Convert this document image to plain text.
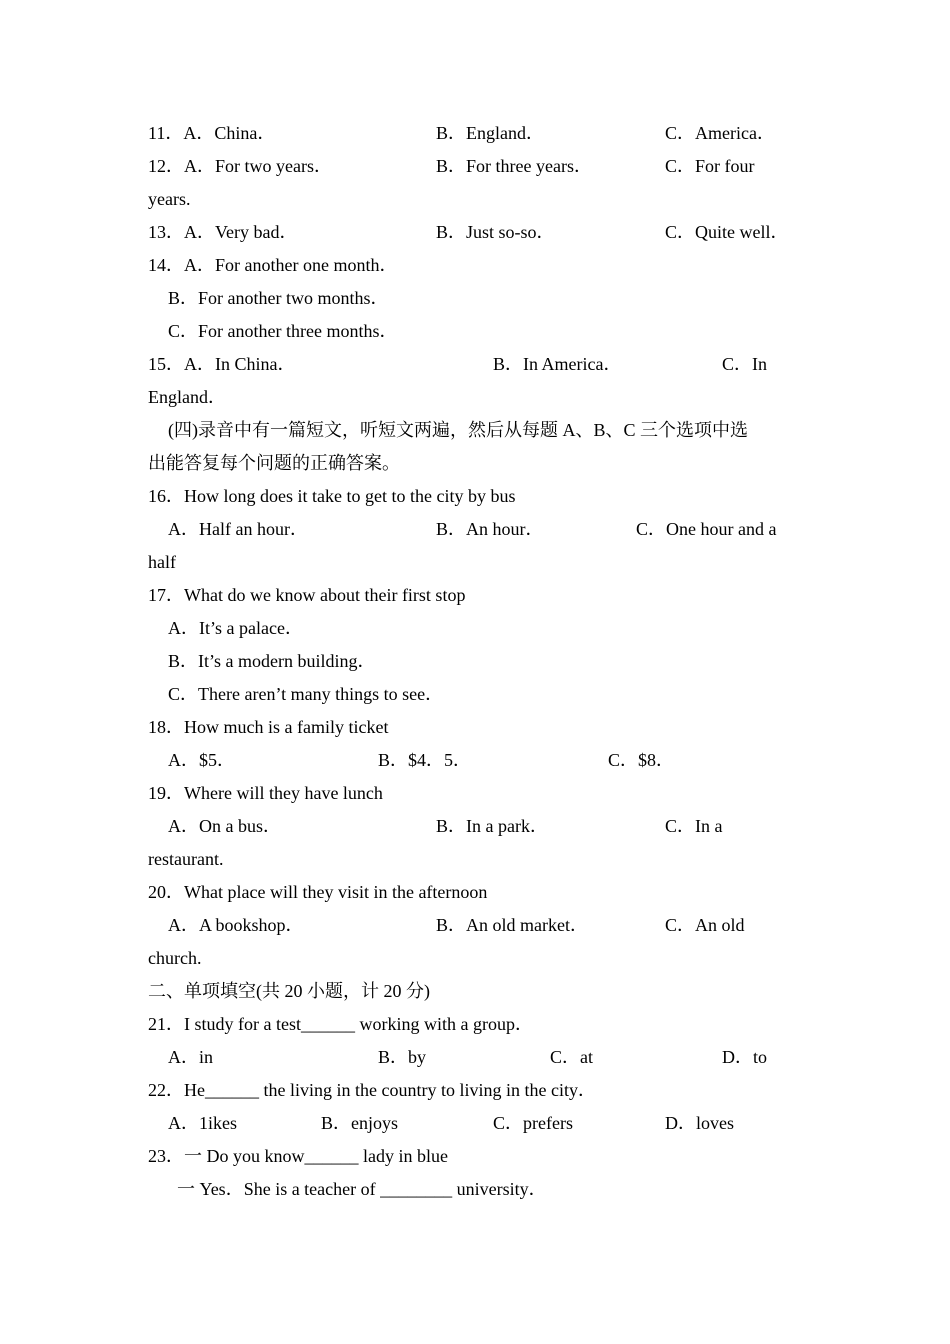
11．A．China．	B．England．	C．America．
12．A．For two years．	B．For three years．	C．For four
years.
13．A．Very bad．	B．Just so-so．	C．Quite well．
14．A．For another one month．
B．For another two months．
C．For another three months．
15．A．In China．	B．In America．	C．In
England．
(四)录音中有一篇短文，听短文两遍，然后从每题 A、B、C 三个选项中选
出能答复每个问题的正确答案。
16．How long does it take to get to the city by bus
A．Half an hour．	B．An hour．	C．One hour and a
half
17．What do we know about their first stop
A．It’s a palace．
B．It’s a modern building．
C．There aren’t many things to see．
18．How much is a family ticket
A．$5．	B．$4．5．	C．$8．
19．Where will they have lunch
A．On a bus．	B．In a park．	C．In a
restaurant.
20．What place will they visit in the afternoon
A．A bookshop．	B．An old market．	C．An old
church.
二、单项填空(共 20 小题，计 20 分)
21．I study for a test______ working with a group．
A．in	B．by	C．at	D．to
22．He______ the living in the country to living in the city．
A．1ikes	B．enjoys	C．prefers	D．loves
23．一 Do you know______ lady in blue
一 Yes．She is a teacher of ________ university．
